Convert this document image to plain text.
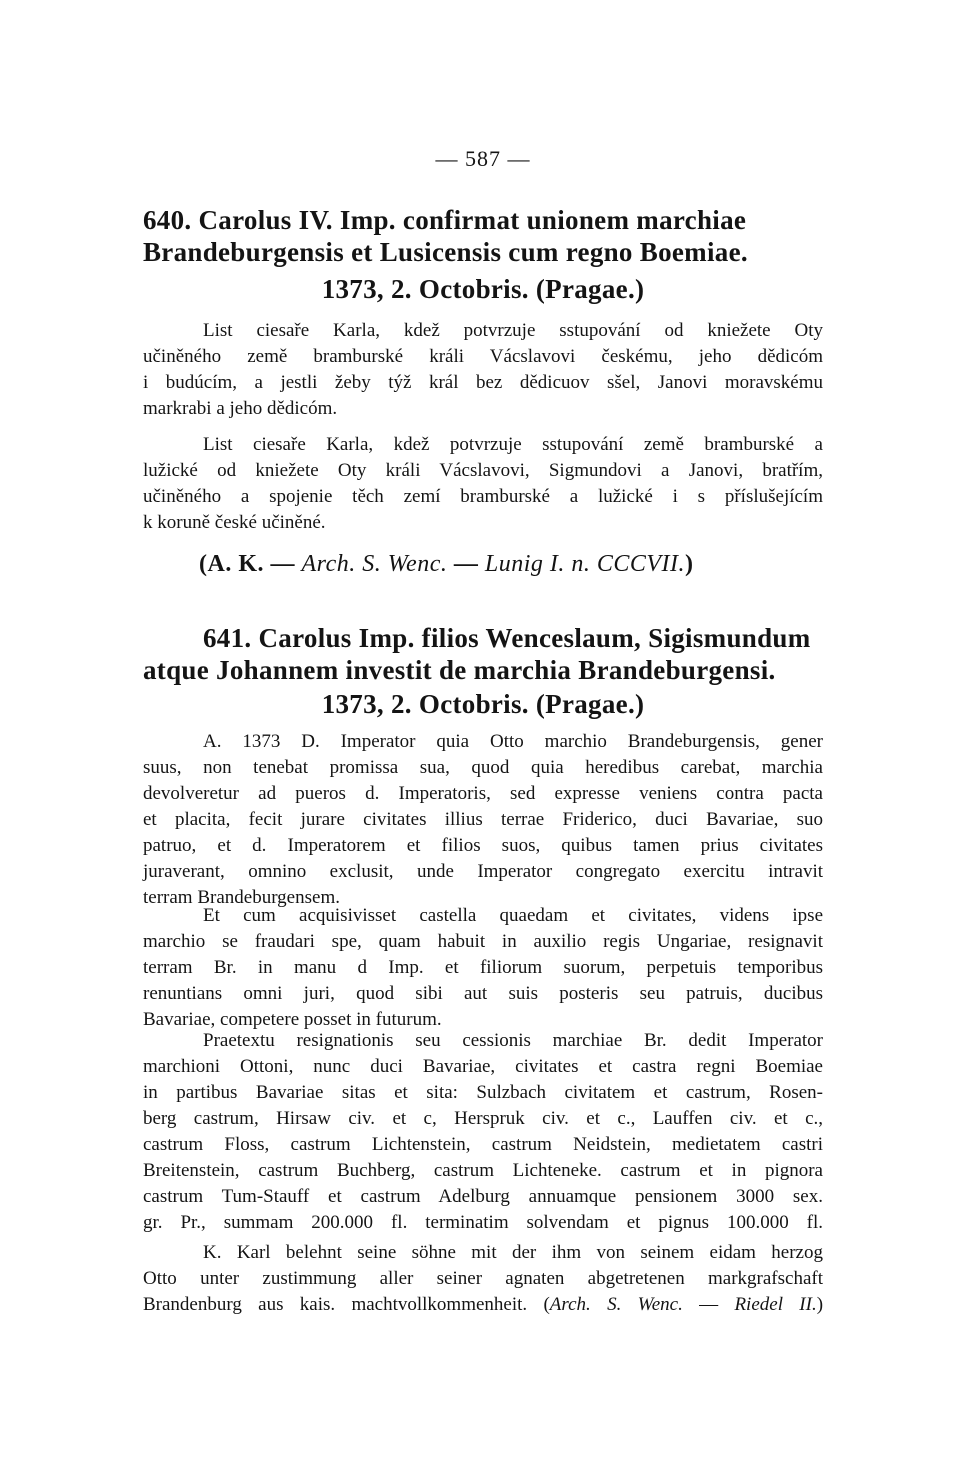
— 587 —
640. Carolus IV. Imp. confirmat unionem marchiae
Brandeburgensis et Lusicensis cum regno Boemiae.
1373, 2. Octobris. (Pragae.)
List ciesaře Karla, kdež potvrzuje sstupování od kniežete Oty
učiněného země bramburské králi Vácslavovi českému, jeho dědicóm
i budúcím, a jestli žeby týž král bez dědicuov sšel, Janovi moravskému
markrabi a jeho dědicóm.
List ciesaře Karla, kdež potvrzuje sstupování země bramburské a
lužické od kniežete Oty králi Vácslavovi, Sigmundovi a Janovi, bratřím,
učiněného a spojenie těch zemí bramburské a lužické i s příslušejícím
k koruně české učiněné.
(A. K. — Arch. S. Wenc. — Lunig I. n. CCCVII.)
641. Carolus Imp. filios Wenceslaum, Sigismundum
atque Johannem investit de marchia Brandeburgensi.
1373, 2. Octobris. (Pragae.)
A. 1373 D. Imperator quia Otto marchio Brandeburgensis, gener
suus, non tenebat promissa sua, quod quia heredibus carebat, marchia
devolveretur ad pueros d. Imperatoris, sed expresse veniens contra pacta
et placita, fecit jurare civitates illius terrae Friderico, duci Bavariae, suo
patruo, et d. Imperatorem et filios suos, quibus tamen prius civitates
juraverant, omnino exclusit, unde Imperator congregato exercitu intravit
terram Brandeburgensem.
Et cum acquisivisset castella quaedam et civitates, videns ipse
marchio se fraudari spe, quam habuit in auxilio regis Ungariae, resignavit
terram Br. in manu d Imp. et filiorum suorum, perpetuis temporibus
renuntians omni juri, quod sibi aut suis posteris seu patruis, ducibus
Bavariae, competere posset in futurum.
Praetextu resignationis seu cessionis marchiae Br. dedit Imperator
marchioni Ottoni, nunc duci Bavariae, civitates et castra regni Boemiae
in partibus Bavariae sitas et sita: Sulzbach civitatem et castrum, Rosen-
berg castrum, Hirsaw civ. et c, Herspruk civ. et c., Lauffen civ. et c.,
castrum Floss, castrum Lichtenstein, castrum Neidstein, medietatem castri
Breitenstein, castrum Buchberg, castrum Lichteneke. castrum et in pignora
castrum Tum-Stauff et castrum Adelburg annuamque pensionem 3000 sex.
gr. Pr., summam 200.000 fl. terminatim solvendam et pignus 100.000 fl.
K. Karl belehnt seine söhne mit der ihm von seinem eidam herzog
Otto unter zustimmung aller seiner agnaten abgetretenen markgrafschaft
Brandenburg aus kais. machtvollkommenheit. (Arch. S. Wenc. — Riedel II.)
